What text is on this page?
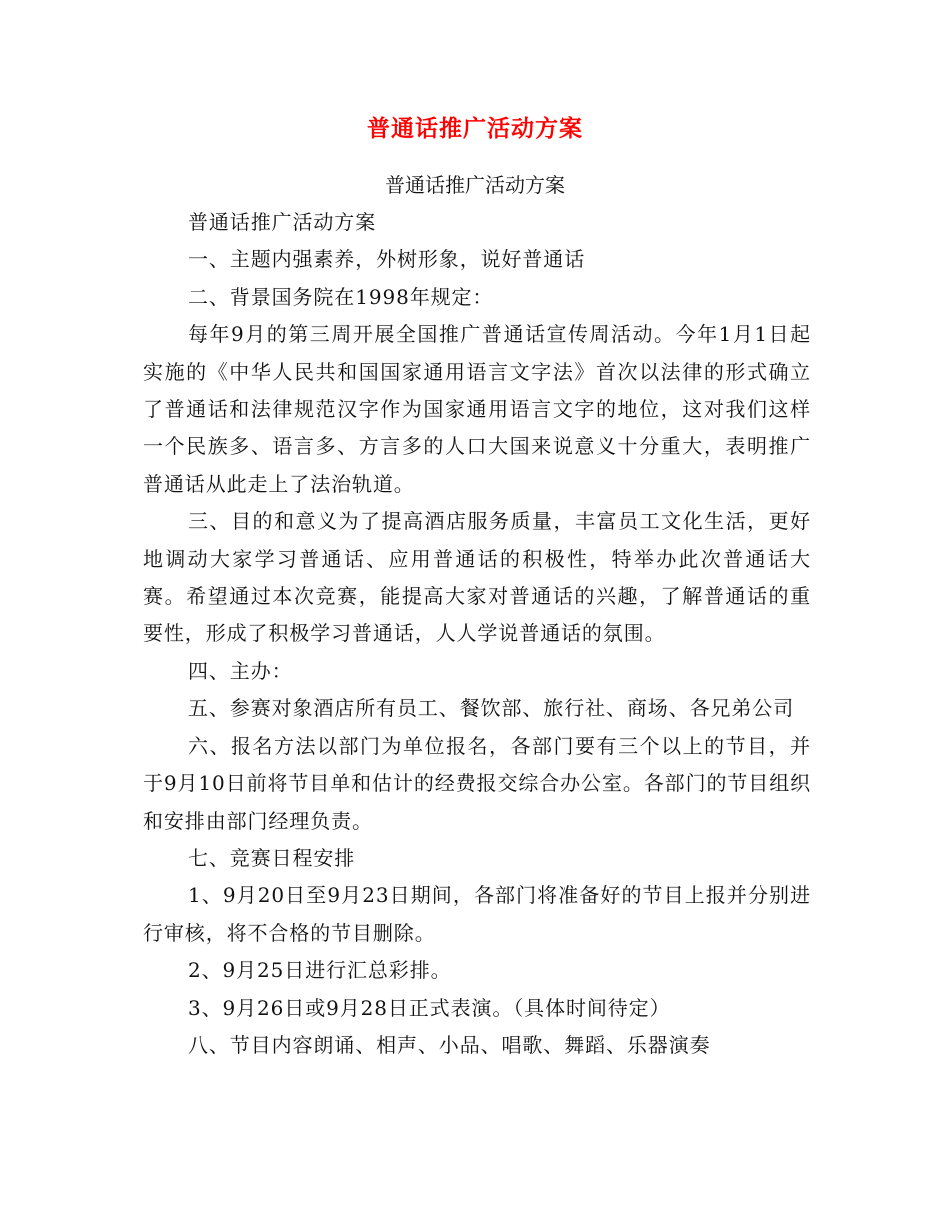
普通话推广活动方案

普通话推广活动方案

普通话推广活动方案

一、主题内强素养，外树形象，说好普通话

二、背景国务院在1998年规定：

每年9月的第三周开展全国推广普通话宣传周活动。今年1月1日起实施的《中华人民共和国国家通用语言文字法》首次以法律的形式确立了普通话和法律规范汉字作为国家通用语言文字的地位，这对我们这样一个民族多、语言多、方言多的人口大国来说意义十分重大，表明推广普通话从此走上了法治轨道。

三、目的和意义为了提高酒店服务质量，丰富员工文化生活，更好地调动大家学习普通话、应用普通话的积极性，特举办此次普通话大赛。希望通过本次竞赛，能提高大家对普通话的兴趣，了解普通话的重要性，形成了积极学习普通话，人人学说普通话的氛围。

四、主办：

五、参赛对象酒店所有员工、餐饮部、旅行社、商场、各兄弟公司

六、报名方法以部门为单位报名，各部门要有三个以上的节目，并于9月10日前将节目单和估计的经费报交综合办公室。各部门的节目组织和安排由部门经理负责。

七、竞赛日程安排

1、9月20日至9月23日期间，各部门将准备好的节目上报并分别进行审核，将不合格的节目删除。

2、9月25日进行汇总彩排。

3、9月26日或9月28日正式表演。（具体时间待定）

八、节目内容朗诵、相声、小品、唱歌、舞蹈、乐器演奏
